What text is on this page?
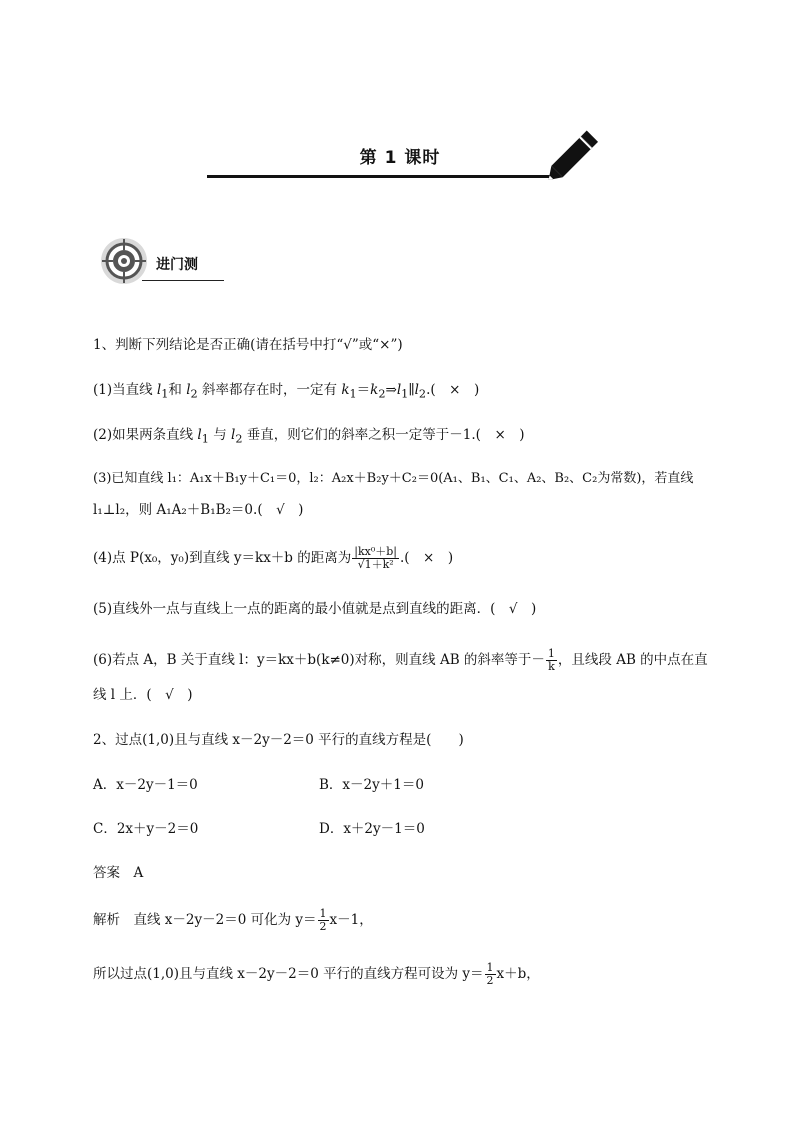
第 1 课时
进门测
1、判断下列结论是否正确(请在括号中打“√”或“×”)
(1)当直线 $l_1$和 $l_2$ 斜率都存在时，一定有 $k_1=k_2\Rightarrow l_1\parallel l_2$.(　×　)
(2)如果两条直线 $l_1$ 与 $l_2$ 垂直，则它们的斜率之积一定等于－1.(　×　)
(3)已知直线 l₁：A₁x＋B₁y＋C₁＝0，l₂：A₂x＋B₂y＋C₂＝0(A₁、B₁、C₁、A₂、B₂、C₂为常数)，若直线
l₁⊥l₂，则 A₁A₂＋B₁B₂＝0.(　√　)
(4)点 P(x₀，y₀)到直线 y＝kx＋b 的距离为 $\frac{\text{|kx⁰＋b|}}{\text{√1＋k²}}$ .(　×　)
(5)直线外一点与直线上一点的距离的最小值就是点到直线的距离．(　√　)
(6)若点 A，B 关于直线 l：y＝kx＋b(k≠0)对称，则直线 AB 的斜率等于－ $\frac{1}{k}$ ，且线段 AB 的中点在直
线 l 上．(　√　)
2、过点(1,0)且与直线 x－2y－2＝0 平行的直线方程是(　　)
A．x－2y－1＝0	B．x－2y＋1＝0
C．2x＋y－2＝0	D．x＋2y－1＝0
答案　A
解析　直线 x－2y－2＝0 可化为 $y= \frac{1}{2} x-1$，
所以过点(1,0)且与直线 x－2y－2＝0 平行的直线方程可设为 $y= \frac{1}{2} x+b$，
